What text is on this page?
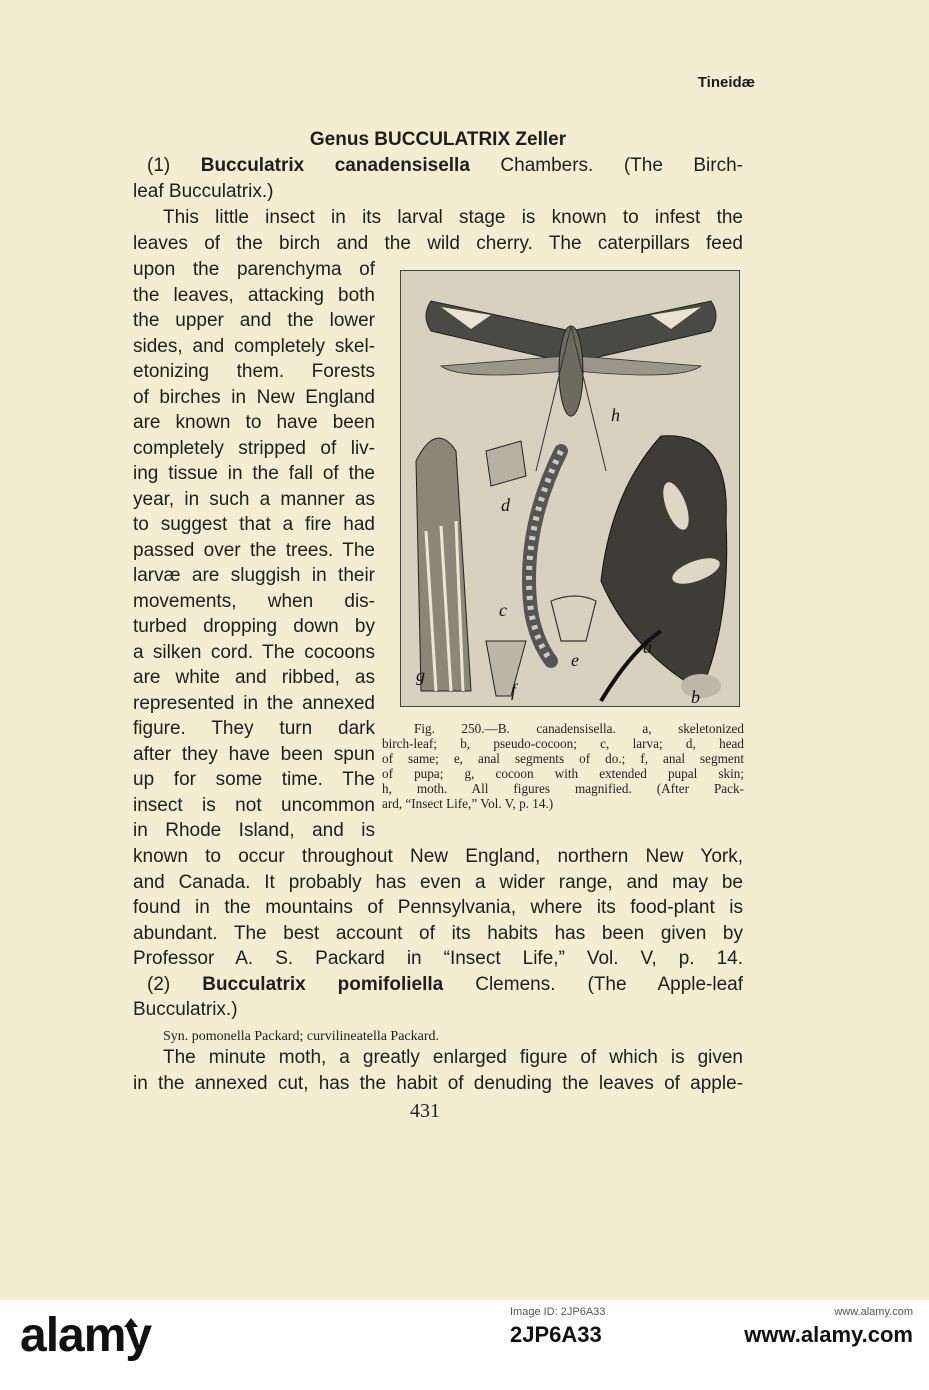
Tineidæ
Genus BUCCULATRIX Zeller
(1) Bucculatrix canadensisella Chambers. (The Birch-
leaf Bucculatrix.)
This little insect in its larval stage is known to infest the
leaves of the birch and the wild cherry. The caterpillars feed
upon the parenchyma of
the leaves, attacking both
the upper and the lower
sides, and completely skel-
etonizing them. Forests
of birches in New England
are known to have been
completely stripped of liv-
ing tissue in the fall of the
year, in such a manner as
to suggest that a fire had
passed over the trees. The
larvæ are sluggish in their
movements, when dis-
turbed dropping down by
a silken cord. The cocoons
are white and ribbed, as
represented in the annexed
figure. They turn dark
after they have been spun
up for some time. The
insect is not uncommon
in Rhode Island, and is
known to occur throughout New England, northern New York,
and Canada. It probably has even a wider range, and may be
found in the mountains of Pennsylvania, where its food-plant is
abundant. The best account of its habits has been given by
Professor A. S. Packard in “Insect Life,” Vol. V, p. 14.
h
d
c
e
f
g
a
b
Fig. 250.—B. canadensisella. a, skeletonized
birch-leaf; b, pseudo-cocoon; c, larva; d, head
of same; e, anal segments of do.; f, anal segment
of pupa; g, cocoon with extended pupal skin;
h, moth. All figures magnified. (After Pack-
ard, “Insect Life,” Vol. V, p. 14.)
(2) Bucculatrix pomifoliella Clemens. (The Apple-leaf
Bucculatrix.)
Syn. pomonella Packard; curvilineatella Packard.
The minute moth, a greatly enlarged figure of which is given
in the annexed cut, has the habit of denuding the leaves of apple-
431
alamy	Image ID: 2JP6A33
2JP6A33
www.alamy.com
www.alamy.com
